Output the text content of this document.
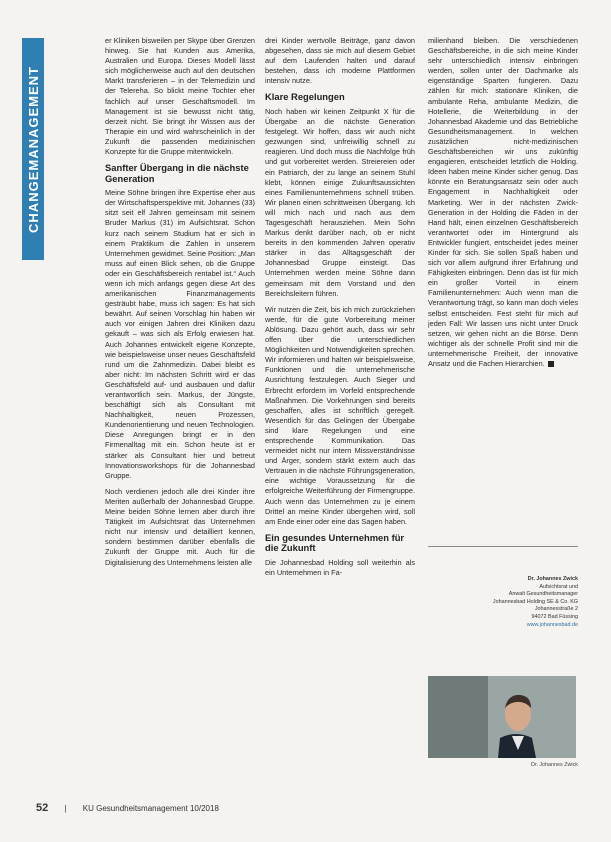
CHANGEMANAGEMENT

er Kliniken bisweilen per Skype über Grenzen hinweg. Sie hat Kunden aus Amerika, Australien und Europa. Dieses Modell lässt sich möglicherweise auch auf den deutschen Markt transferieren – in der Telemedizin und der Telereha. So blickt meine Tochter eher fachlich auf unser Geschäftsmodell. Im Management ist sie bewusst nicht tätig, derzeit nicht. Sie bringt ihr Wissen aus der Therapie ein und wird wahrscheinlich in der Zukunft die passenden medizinischen Konzepte für die Gruppe mitentwickeln.

Sanfter Übergang in die nächste Generation

Meine Söhne bringen ihre Expertise eher aus der Wirtschaftsperspektive mit. Johannes (33) sitzt seit elf Jahren gemeinsam mit seinem Bruder Markus (31) im Aufsichtsrat. Schon kurz nach seinem Studium hat er sich in einem Praktikum die Zahlen in unserem Unternehmen gewidmet. Seine Position: „Man muss auf einen Blick sehen, ob die Gruppe oder ein Geschäftsbereich rentabel ist.“ Auch wenn ich mich anfangs gegen diese Art des amerikanischen Finanzmanagements gesträubt habe, muss ich sagen: Es hat sich bewährt. Auf seinen Vorschlag hin haben wir auch vor einigen Jahren drei Kliniken dazu gekauft – was sich als Erfolg erwiesen hat. Auch Johannes entwickelt eigene Konzepte, wie beispielsweise unser neues Geschäftsfeld rund um die Zahnmedizin. Dabei bleibt es aber nicht: Im nächsten Schritt wird er das Geschäftsfeld auf- und ausbauen und dafür verantwortlich sein. Markus, der Jüngste, beschäftigt sich als Consultant mit Nachhaltigkeit, neuen Prozessen, Kundenorientierung und neuen Technologien. Diese Anregungen bringt er in den Firmenalltag mit ein. Schon heute ist er stärker als Consultant hier und betreut Innovationsworkshops für die Johannesbad Gruppe.

Noch verdienen jedoch alle drei Kinder ihre Meriten außerhalb der Johannesbad Gruppe. Meine beiden Söhne lernen aber durch ihre Tätigkeit im Aufsichtsrat das Unternehmen nicht nur intensiv und detailliert kennen, sondern bestimmen darüber ebenfalls die Zukunft der Gruppe mit. Auch für die Digitalisierung des Unternehmens leisten alle

drei Kinder wertvolle Beiträge, ganz davon abgesehen, dass sie mich auf diesem Gebiet auf dem Laufenden halten und darauf bestehen, dass ich moderne Plattformen intensiv nutze.

Klare Regelungen

Noch haben wir keinen Zeitpunkt X für die Übergabe an die nächste Generation festgelegt. Wir hoffen, dass wir auch nicht gezwungen sind, unfreiwillig schnell zu reagieren. Und doch muss die Nachfolge früh und gut vorbereitet werden. Streiereien oder ein Patriarch, der zu lange an seinem Stuhl klebt, können einige Zukunftsaussichten eines Familienunternehmens schnell trüben. Wir planen einen schrittweisen Übergang. Ich will mich nach und nach aus dem Tagesgeschäft herausziehen. Mein Sohn Markus denkt darüber nach, ob er nicht bereits in den kommenden Jahren operativ stärker in das Alltagsgeschäft der Johannesbad Gruppe einsteigt. Das Unternehmen werden meine Söhne dann gemeinsam mit dem Vorstand und den Bereichsleitern führen.

Wir nutzen die Zeit, bis ich mich zurückziehen werde, für die gute Vorbereitung meiner Ablösung. Dazu gehört auch, dass wir sehr offen über die unterschiedlichen Möglichkeiten und Notwendigkeiten sprechen. Wir informieren und halten wir beispielsweise, Funktionen und die unternehmerische Ausrichtung festzulegen. Auch Sieger und Erbrecht erfordern im Vorfeld entsprechende Maßnahmen. Die Vorkehrungen sind bereits geschaffen, alles ist schriftlich geregelt. Wesentlich für das Gelingen der Übergabe sind klare Regelungen und eine entsprechende Kommunikation. Das vermeidet nicht nur intern Missverständnisse und Ärger, sondern stärkt extern auch das Vertrauen in die nächste Führungsgeneration, eine wichtige Voraussetzung für die erfolgreiche Weiterführung der Firmengruppe. Auch wenn das Unternehmen zu je einem Drittel an meine Kinder übergehen wird, soll am Ende einer oder eine das Sagen haben.

Ein gesundes Unternehmen für die Zukunft

Die Johannesbad Holding soll weiterhin als ein Unternehmen in Fa-

milienhand bleiben. Die verschiedenen Geschäftsbereiche, in die sich meine Kinder sehr unterschiedlich intensiv einbringen werden, sollen unter der Dachmarke als eigenständige Sparten fungieren. Dazu zählen für mich: stationäre Kliniken, die ambulante Reha, ambulante Medizin, die Hotellerie, die Weiterbildung in der Johannesbad Akademie und das Betriebliche Gesundheitsmanagement. In welchen zusätzlichen nicht-medizinischen Geschäftsbereichen wir uns zukünftig engagieren, entscheidet letztlich die Holding. Ideen haben meine Kinder sicher genug. Das könnte ein Beratungsansatz sein oder auch Engagement in Nachhaltigkeit oder Marketing. Wer in der nächsten Zwick-Generation in der Holding die Fäden in der Hand hält, einen einzelnen Geschäftsbereich verantwortet oder im Hintergrund als Entwickler fungiert, entscheidet jedes meiner Kinder für sich. Sie sollen Spaß haben und sich vor allem aufgrund ihrer Erfahrung und Fähigkeiten einbringen. Denn das ist für mich ein großer Vorteil in einem Familienunternehmen: Auch wenn man die Verantwortung trägt, so kann man doch vieles selbst entscheiden. Fest steht für mich auf jeden Fall: Wir lassen uns nicht unter Druck setzen, wir gehen nicht an die Börse. Denn wichtiger als der schnelle Profit sind mir die unternehmerische Freiheit, der innovative Ansatz und die Fachen Hierarchien.

Dr. Johannes Zwick
Aufsichtsrat und
Anwalt Gesundheitsmanager
Johannesbad Holding SE & Co. KG
Johannesstraße 2
94072 Bad Füssing
www.johannesbad.de
Dr. Johannes Zwick
52 | KU Gesundheitsmanagement 10/2018
